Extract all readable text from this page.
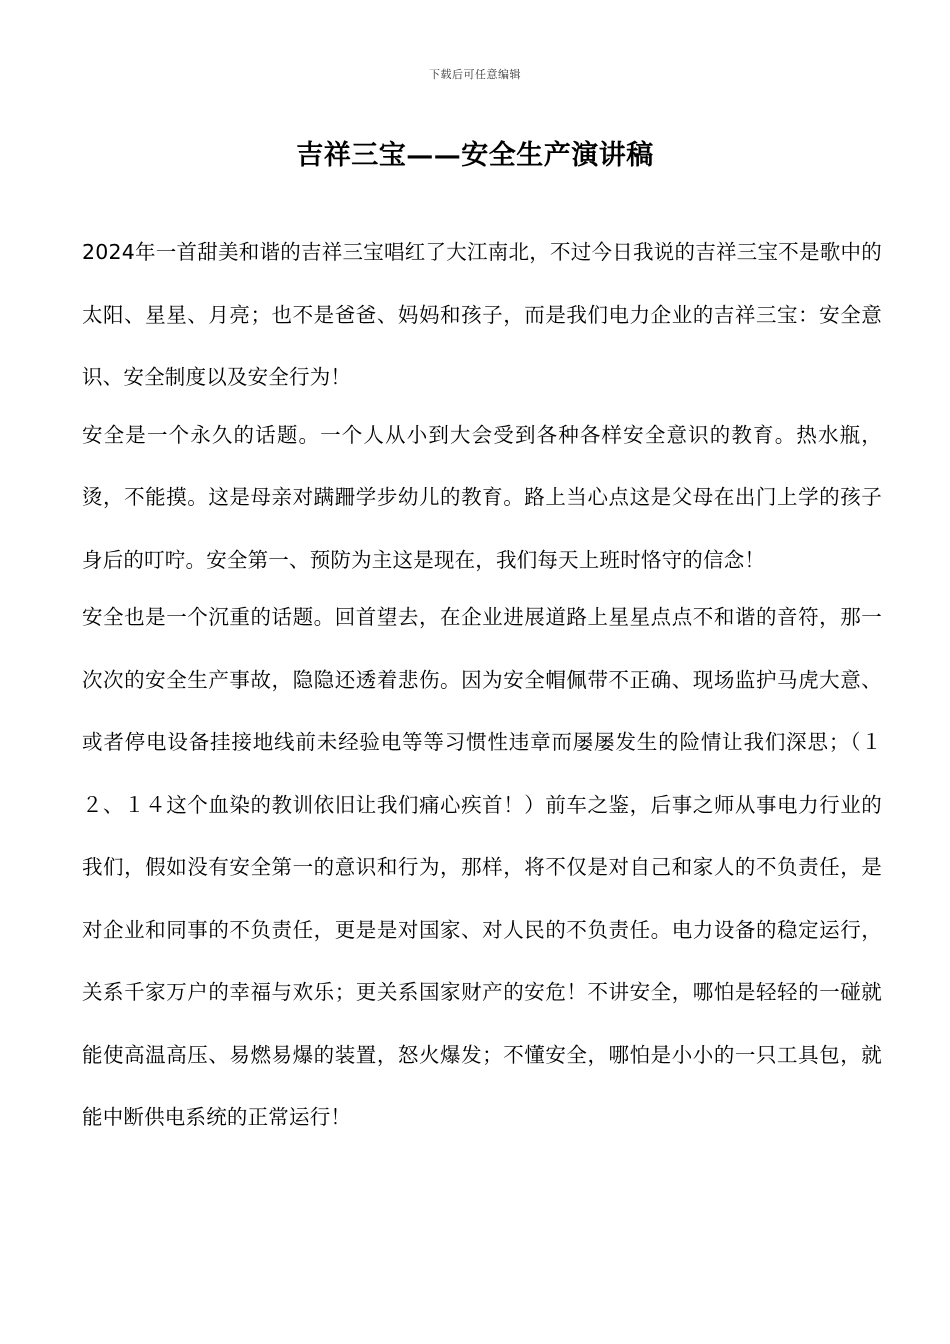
下载后可任意编辑
吉祥三宝——安全生产演讲稿

2024年一首甜美和谐的吉祥三宝唱红了大江南北，不过今日我说的吉祥三宝不是歌中的太阳、星星、月亮；也不是爸爸、妈妈和孩子，而是我们电力企业的吉祥三宝：安全意识、安全制度以及安全行为！

安全是一个永久的话题。一个人从小到大会受到各种各样安全意识的教育。热水瓶，烫，不能摸。这是母亲对蹒跚学步幼儿的教育。路上当心点这是父母在出门上学的孩子身后的叮咛。安全第一、预防为主这是现在，我们每天上班时恪守的信念！

安全也是一个沉重的话题。回首望去，在企业进展道路上星星点点不和谐的音符，那一次次的安全生产事故，隐隐还透着悲伤。因为安全帽佩带不正确、现场监护马虎大意、或者停电设备挂接地线前未经验电等等习惯性违章而屡屡发生的险情让我们深思；（１２、１４这个血染的教训依旧让我们痛心疾首！）前车之鉴，后事之师从事电力行业的我们，假如没有安全第一的意识和行为，那样，将不仅是对自己和家人的不负责任，是对企业和同事的不负责任，更是是对国家、对人民的不负责任。电力设备的稳定运行，关系千家万户的幸福与欢乐；更关系国家财产的安危！不讲安全，哪怕是轻轻的一碰就能使高温高压、易燃易爆的装置，怒火爆发；不懂安全，哪怕是小小的一只工具包，就能中断供电系统的正常运行！
